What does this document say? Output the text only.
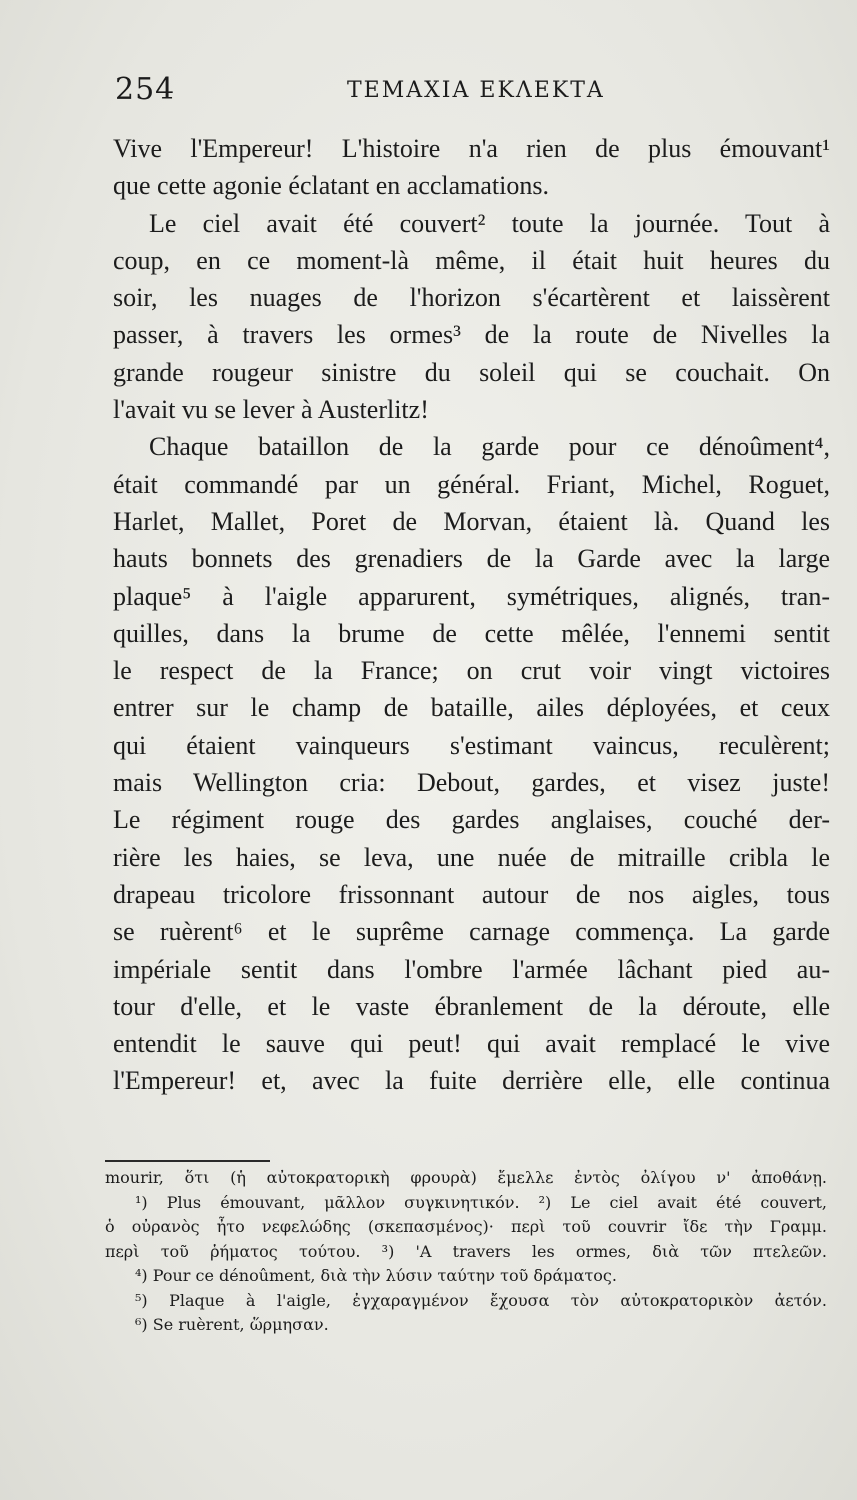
254	ΤΕΜΑΧΙΑ ΕΚΛΕΚΤΑ
Vive l'Empereur! L'histoire n'a rien de plus émouvant¹
que cette agonie éclatant en acclamations.
Le ciel avait été couvert² toute la journée. Tout à
coup, en ce moment-là même, il était huit heures du
soir, les nuages de l'horizon s'écartèrent et laissèrent
passer, à travers les ormes³ de la route de Nivelles la
grande rougeur sinistre du soleil qui se couchait. On
l'avait vu se lever à Austerlitz!
Chaque bataillon de la garde pour ce dénoûment⁴,
était commandé par un général. Friant, Michel, Roguet,
Harlet, Mallet, Poret de Morvan, étaient là. Quand les
hauts bonnets des grenadiers de la Garde avec la large
plaque⁵ à l'aigle apparurent, symétriques, alignés, tran-
quilles, dans la brume de cette mêlée, l'ennemi sentit
le respect de la France; on crut voir vingt victoires
entrer sur le champ de bataille, ailes déployées, et ceux
qui étaient vainqueurs s'estimant vaincus, reculèrent;
mais Wellington cria: Debout, gardes, et visez juste!
Le régiment rouge des gardes anglaises, couché der-
rière les haies, se leva, une nuée de mitraille cribla le
drapeau tricolore frissonnant autour de nos aigles, tous
se ruèrent⁶ et le suprême carnage commença. La garde
impériale sentit dans l'ombre l'armée lâchant pied au-
tour d'elle, et le vaste ébranlement de la déroute, elle
entendit le sauve qui peut! qui avait remplacé le vive
l'Empereur! et, avec la fuite derrière elle, elle continua
mourir, ὅτι (ἡ αὐτοκρατορικὴ φρουρὰ) ἔμελλε ἐντὸς ὀλίγου ν' ἀποθάνῃ.
¹) Plus émouvant, μᾶλλον συγκινητικόν. ²) Le ciel avait été couvert,
ὁ οὐρανὸς ἦτο νεφελώδης (σκεπασμένος)· περὶ τοῦ couvrir ἴδε τὴν Γραμμ.
περὶ τοῦ ῥήματος τούτου. ³) 'A travers les ormes, διὰ τῶν πτελεῶν.
⁴) Pour ce dénoûment, διὰ τὴν λύσιν ταύτην τοῦ δράματος.
⁵) Plaque à l'aigle, ἐγχαραγμένον ἔχουσα τὸν αὐτοκρατορικὸν ἀετόν.
⁶) Se ruèrent, ὥρμησαν.
